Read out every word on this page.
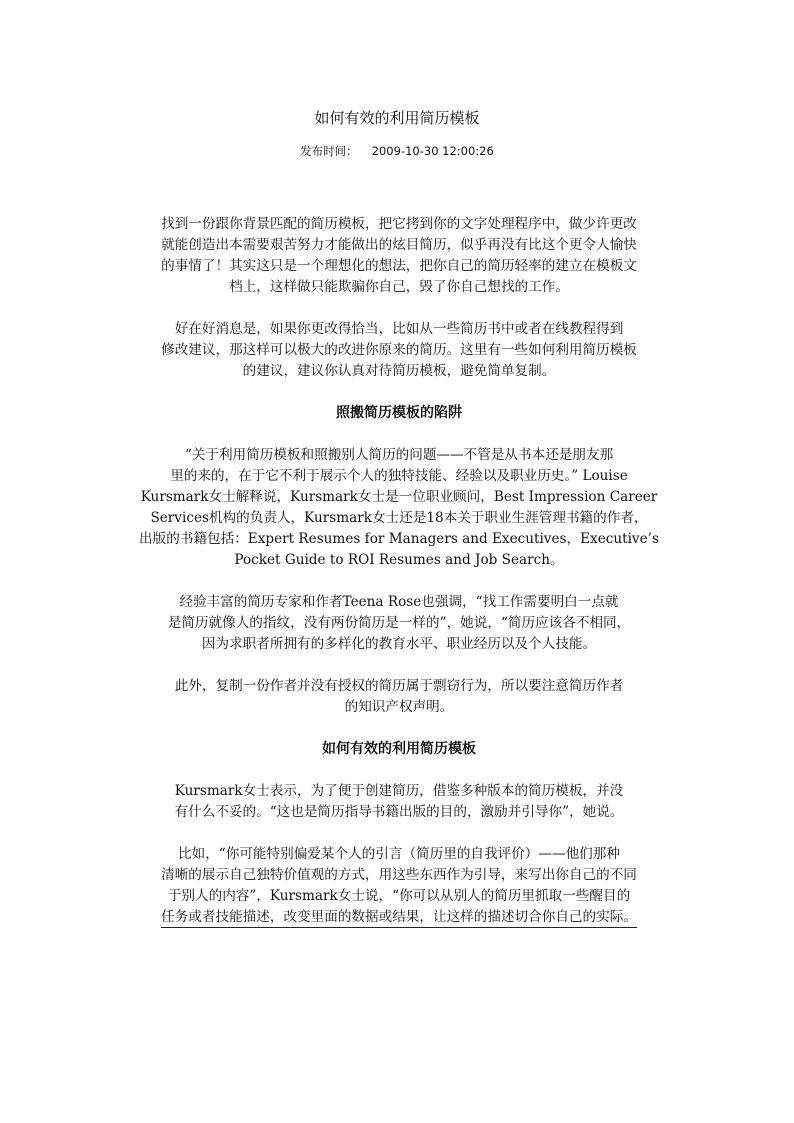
如何有效的利用简历模板
发布时间： 2009-10-30 12:00:26
找到一份跟你背景匹配的简历模板，把它拷到你的文字处理程序中，做少许更改
就能创造出本需要艰苦努力才能做出的炫目简历，似乎再没有比这个更令人愉快
的事情了！其实这只是一个理想化的想法，把你自己的简历轻率的建立在模板文
档上，这样做只能欺骗你自己，毁了你自己想找的工作。
好在好消息是，如果你更改得恰当，比如从一些简历书中或者在线教程得到
修改建议，那这样可以极大的改进你原来的简历。这里有一些如何利用简历模板
的建议，建议你认真对待简历模板，避免简单复制。
照搬简历模板的陷阱
“关于利用简历模板和照搬别人简历的问题——不管是从书本还是朋友那
里的来的，在于它不利于展示个人的独特技能、经验以及职业历史。” Louise
Kursmark女士解释说，Kursmark女士是一位职业顾问，Best Impression Career
Services机构的负责人，Kursmark女士还是18本关于职业生涯管理书籍的作者，
出版的书籍包括：Expert Resumes for Managers and Executives，Executive’s
Pocket Guide to ROI Resumes and Job Search。
经验丰富的简历专家和作者Teena Rose也强调，“找工作需要明白一点就
是简历就像人的指纹，没有两份简历是一样的”，她说，“简历应该各不相同，
因为求职者所拥有的多样化的教育水平、职业经历以及个人技能。
此外，复制一份作者并没有授权的简历属于剽窃行为，所以要注意简历作者
的知识产权声明。
如何有效的利用简历模板
Kursmark女士表示，为了便于创建简历，借鉴多种版本的简历模板，并没
有什么不妥的。“这也是简历指导书籍出版的目的，激励并引导你”，她说。
比如，“你可能特别偏爱某个人的引言（简历里的自我评价）——他们那种
清晰的展示自己独特价值观的方式，用这些东西作为引导，来写出你自己的不同
于别人的内容”，Kursmark女士说，“你可以从别人的简历里抓取一些醒目的
任务或者技能描述，改变里面的数据或结果，让这样的描述切合你自己的实际。
